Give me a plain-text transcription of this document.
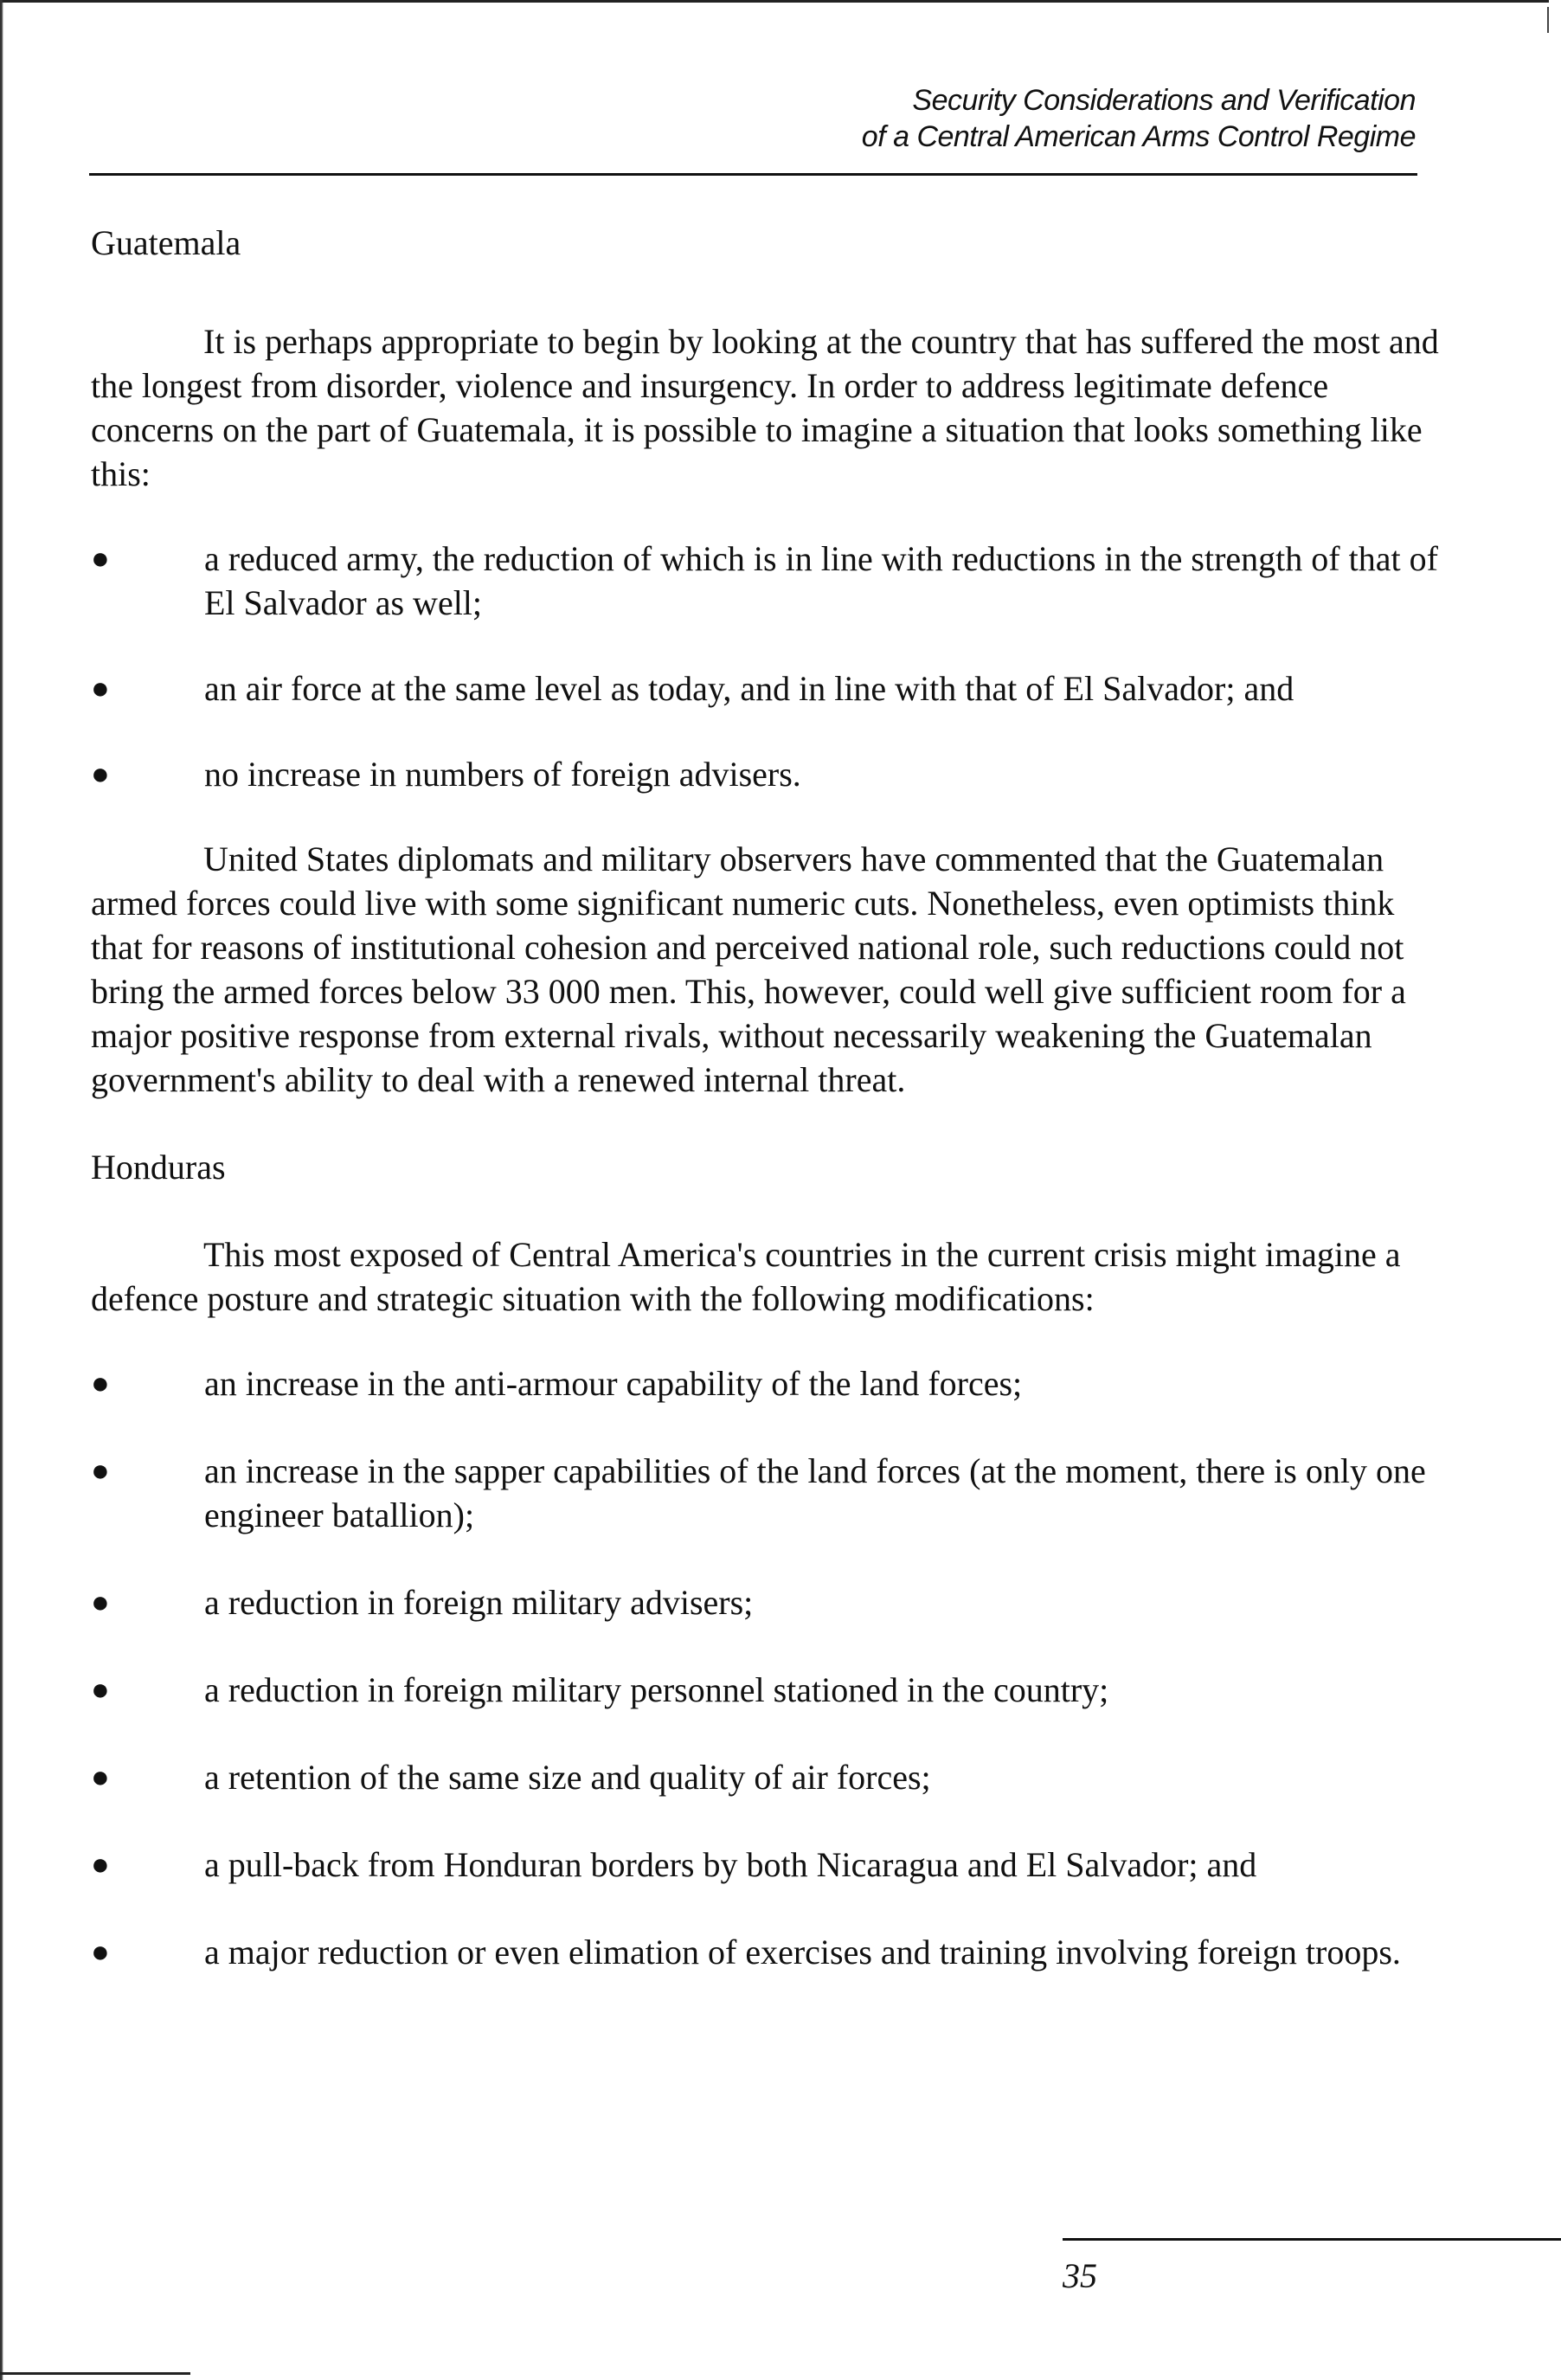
Security Considerations and Verification
of a Central American Arms Control Regime
Guatemala

It is perhaps appropriate to begin by looking at the country that has suffered the most and the longest from disorder, violence and insurgency. In order to address legitimate defence concerns on the part of Guatemala, it is possible to imagine a situation that looks something like this:

●	a reduced army, the reduction of which is in line with reductions in the strength of that of El Salvador as well;
●	an air force at the same level as today, and in line with that of El Salvador; and
●	no increase in numbers of foreign advisers.

United States diplomats and military observers have commented that the Guatemalan armed forces could live with some significant numeric cuts. Nonetheless, even optimists think that for reasons of institutional cohesion and perceived national role, such reductions could not bring the armed forces below 33 000 men. This, however, could well give sufficient room for a major positive response from external rivals, without necessarily weakening the Guatemalan government's ability to deal with a renewed internal threat.

Honduras

This most exposed of Central America's countries in the current crisis might imagine a defence posture and strategic situation with the following modifications:

●	an increase in the anti-armour capability of the land forces;
●	an increase in the sapper capabilities of the land forces (at the moment, there is only one engineer batallion);
●	a reduction in foreign military advisers;
●	a reduction in foreign military personnel stationed in the country;
●	a retention of the same size and quality of air forces;
●	a pull-back from Honduran borders by both Nicaragua and El Salvador; and
●	a major reduction or even elimation of exercises and training involving foreign troops.
35
